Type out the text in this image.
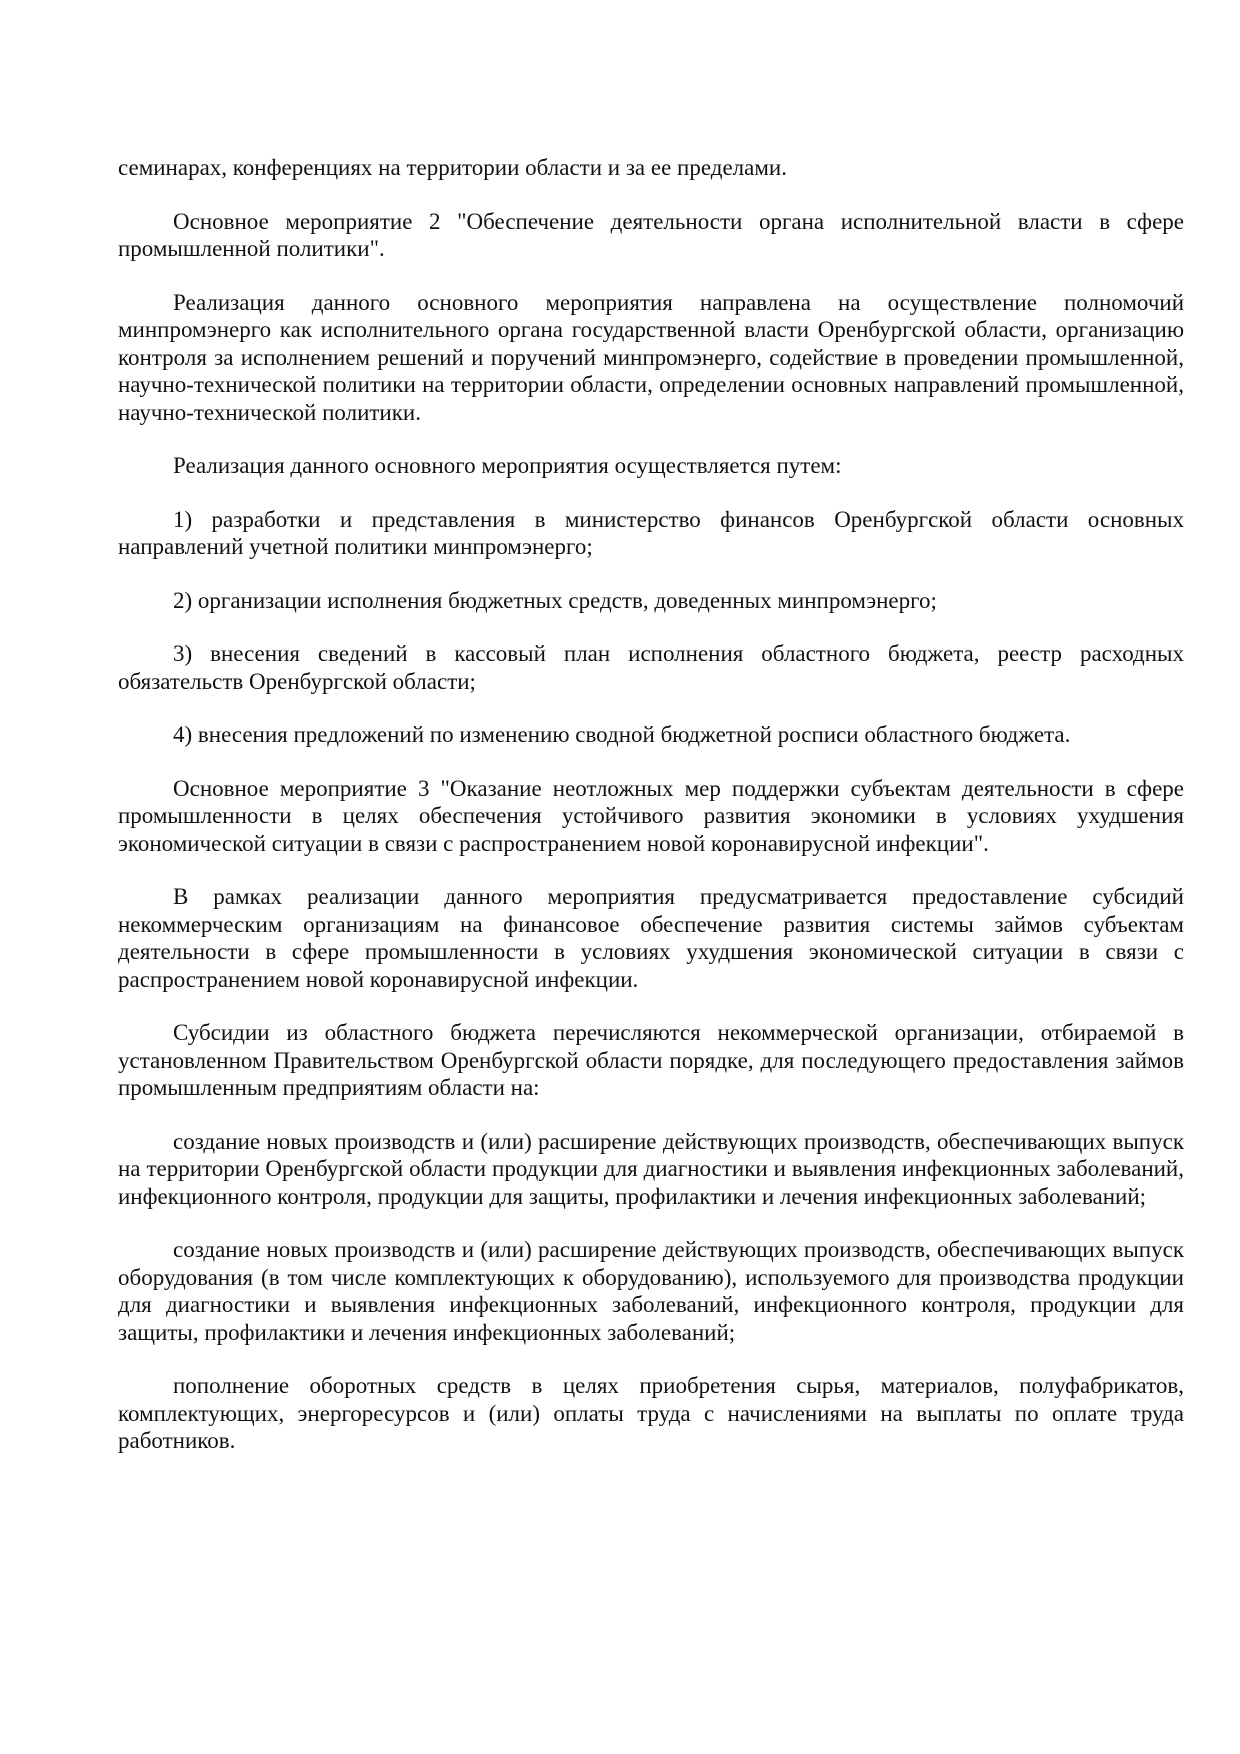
семинарах, конференциях на территории области и за ее пределами.

Основное мероприятие 2 "Обеспечение деятельности органа исполнительной власти в сфере промышленной политики".

Реализация данного основного мероприятия направлена на осуществление полномочий минпромэнерго как исполнительного органа государственной власти Оренбургской области, организацию контроля за исполнением решений и поручений минпромэнерго, содействие в проведении промышленной, научно-технической политики на территории области, определении основных направлений промышленной, научно-технической политики.

Реализация данного основного мероприятия осуществляется путем:

1) разработки и представления в министерство финансов Оренбургской области основных направлений учетной политики минпромэнерго;

2) организации исполнения бюджетных средств, доведенных минпромэнерго;

3) внесения сведений в кассовый план исполнения областного бюджета, реестр расходных обязательств Оренбургской области;

4) внесения предложений по изменению сводной бюджетной росписи областного бюджета.

Основное мероприятие 3 "Оказание неотложных мер поддержки субъектам деятельности в сфере промышленности в целях обеспечения устойчивого развития экономики в условиях ухудшения экономической ситуации в связи с распространением новой коронавирусной инфекции".

В рамках реализации данного мероприятия предусматривается предоставление субсидий некоммерческим организациям на финансовое обеспечение развития системы займов субъектам деятельности в сфере промышленности в условиях ухудшения экономической ситуации в связи с распространением новой коронавирусной инфекции.

Субсидии из областного бюджета перечисляются некоммерческой организации, отбираемой в установленном Правительством Оренбургской области порядке, для последующего предоставления займов промышленным предприятиям области на:

создание новых производств и (или) расширение действующих производств, обеспечивающих выпуск на территории Оренбургской области продукции для диагностики и выявления инфекционных заболеваний, инфекционного контроля, продукции для защиты, профилактики и лечения инфекционных заболеваний;

создание новых производств и (или) расширение действующих производств, обеспечивающих выпуск оборудования (в том числе комплектующих к оборудованию), используемого для производства продукции для диагностики и выявления инфекционных заболеваний, инфекционного контроля, продукции для защиты, профилактики и лечения инфекционных заболеваний;

пополнение оборотных средств в целях приобретения сырья, материалов, полуфабрикатов, комплектующих, энергоресурсов и (или) оплаты труда с начислениями на выплаты по оплате труда работников.
